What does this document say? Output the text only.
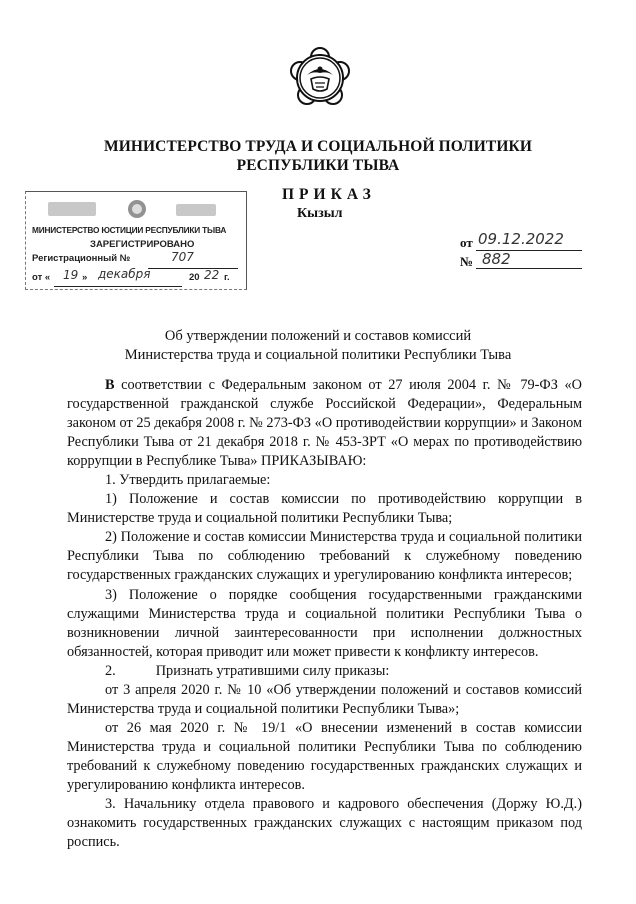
МИНИСТЕРСТВО ТРУДА И СОЦИАЛЬНОЙ ПОЛИТИКИ
РЕСПУБЛИКИ ТЫВА
ПРИКАЗ
Кызыл
МИНИСТЕРСТВО ЮСТИЦИИ РЕСПУБЛИКИ ТЫВА
ЗАРЕГИСТРИРОВАНО
Регистрационный №	707
от « 19 » декабря	20 22 г.
от 09.12.2022
№ 882
Об утверждении положений и составов комиссий
Министерства труда и социальной политики Республики Тыва
В соответствии с Федеральным законом от 27 июля 2004 г. № 79-ФЗ «О государственной гражданской службе Российской Федерации», Федеральным законом от 25 декабря 2008 г. № 273-ФЗ «О противодействии коррупции» и Законом Республики Тыва от 21 декабря 2018 г. № 453-ЗРТ «О мерах по противодействию коррупции в Республике Тыва» ПРИКАЗЫВАЮ:
1. Утвердить прилагаемые:
1) Положение и состав комиссии по противодействию коррупции в Министерстве труда и социальной политики Республики Тыва;
2) Положение и состав комиссии Министерства труда и социальной политики Республики Тыва по соблюдению требований к служебному поведению государственных гражданских служащих и урегулированию конфликта интересов;
3) Положение о порядке сообщения государственными гражданскими служащими Министерства труда и социальной политики Республики Тыва о возникновении личной заинтересованности при исполнении должностных обязанностей, которая приводит или может привести к конфликту интересов.
2.	Признать утратившими силу приказы:
от 3 апреля 2020 г. № 10 «Об утверждении положений и составов комиссий Министерства труда и социальной политики Республики Тыва»;
от 26 мая 2020 г. № 19/1 «О внесении изменений в состав комиссии Министерства труда и социальной политики Республики Тыва по соблюдению требований к служебному поведению государственных гражданских служащих и урегулированию конфликта интересов.
3. Начальнику отдела правового и кадрового обеспечения (Доржу Ю.Д.) ознакомить государственных гражданских служащих с настоящим приказом под роспись.
